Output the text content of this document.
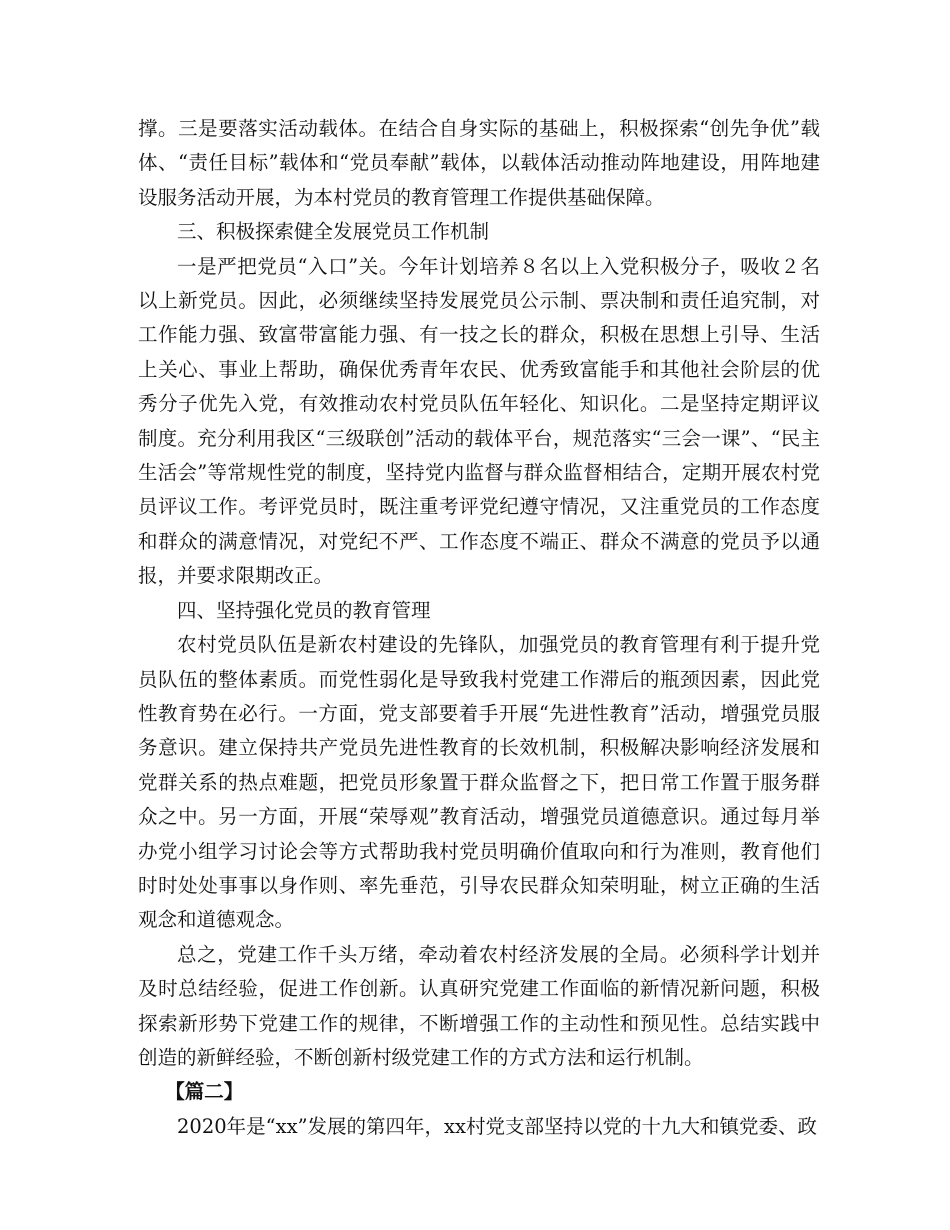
撑。三是要落实活动载体。在结合自身实际的基础上，积极探索“创先争优”载体、“责任目标”载体和“党员奉献”载体，以载体活动推动阵地建设，用阵地建设服务活动开展，为本村党员的教育管理工作提供基础保障。

三、积极探索健全发展党员工作机制

一是严把党员“入口”关。今年计划培养８名以上入党积极分子，吸收２名以上新党员。因此，必须继续坚持发展党员公示制、票决制和责任追究制，对工作能力强、致富带富能力强、有一技之长的群众，积极在思想上引导、生活上关心、事业上帮助，确保优秀青年农民、优秀致富能手和其他社会阶层的优秀分子优先入党，有效推动农村党员队伍年轻化、知识化。二是坚持定期评议制度。充分利用我区“三级联创”活动的载体平台，规范落实“三会一课”、“民主生活会”等常规性党的制度，坚持党内监督与群众监督相结合，定期开展农村党员评议工作。考评党员时，既注重考评党纪遵守情况，又注重党员的工作态度和群众的满意情况，对党纪不严、工作态度不端正、群众不满意的党员予以通报，并要求限期改正。

四、坚持强化党员的教育管理

农村党员队伍是新农村建设的先锋队，加强党员的教育管理有利于提升党员队伍的整体素质。而党性弱化是导致我村党建工作滞后的瓶颈因素，因此党性教育势在必行。一方面，党支部要着手开展“先进性教育”活动，增强党员服务意识。建立保持共产党员先进性教育的长效机制，积极解决影响经济发展和党群关系的热点难题，把党员形象置于群众监督之下，把日常工作置于服务群众之中。另一方面，开展“荣辱观”教育活动，增强党员道德意识。通过每月举办党小组学习讨论会等方式帮助我村党员明确价值取向和行为准则，教育他们时时处处事事以身作则、率先垂范，引导农民群众知荣明耻，树立正确的生活观念和道德观念。

总之，党建工作千头万绪，牵动着农村经济发展的全局。必须科学计划并及时总结经验，促进工作创新。认真研究党建工作面临的新情况新问题，积极探索新形势下党建工作的规律，不断增强工作的主动性和预见性。总结实践中创造的新鲜经验，不断创新村级党建工作的方式方法和运行机制。

【篇二】

2020年是“xx”发展的第四年，xx村党支部坚持以党的十九大和镇党委、政
